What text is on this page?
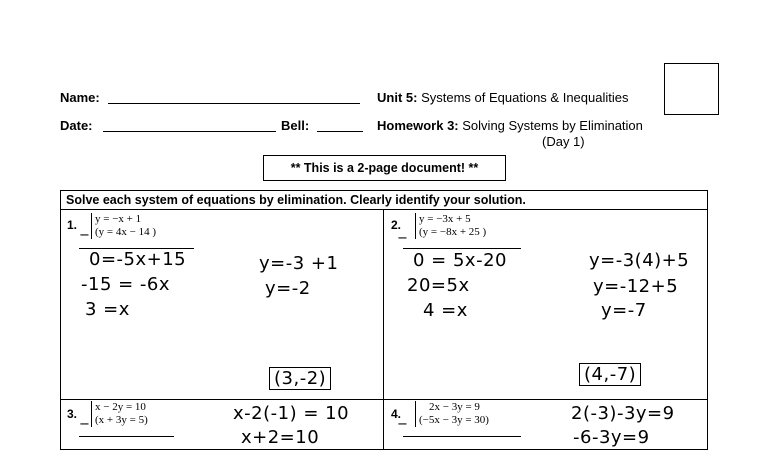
Name:
Date:	Bell:
Unit 5: Systems of Equations & Inequalities
Homework 3: Solving Systems by Elimination
(Day 1)
** This is a 2-page document! **
Solve each system of equations by elimination. Clearly identify your solution.
1. y = −x + 1
(y = 4x − 14 )
−
0=-5x+15
-15 = -6x
3 =x
y=-3 +1
y=-2
(3,-2)
2. y = −3x + 5
(y = −8x + 25 )
−
0 = 5x-20
20=5x
4 =x
y=-3(4)+5
y=-12+5
y=-7
(4,-7)
3. x − 2y = 10
(x + 3y = 5)
−
x-2(-1) = 10
x+2=10
4.	2x − 3y = 9
(−5x − 3y = 30)
−
2(-3)-3y=9
-6-3y=9
